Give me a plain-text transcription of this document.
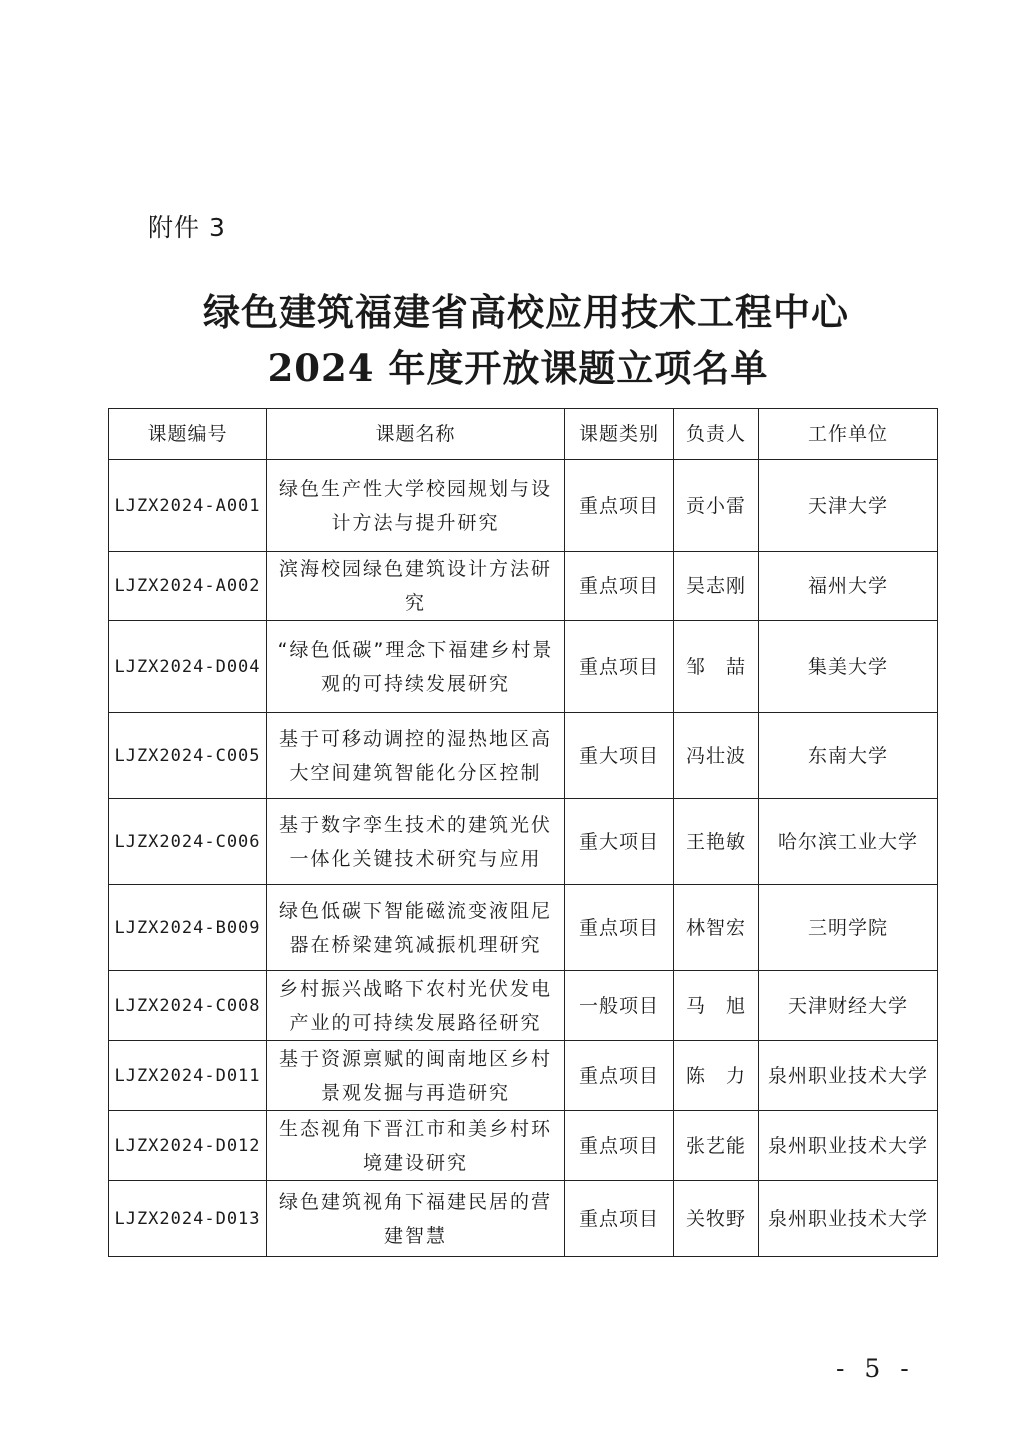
附件 3
绿色建筑福建省高校应用技术工程中心
2024 年度开放课题立项名单
课题编号	课题名称	课题类别	负责人	工作单位
LJZX2024-A001	绿色生产性大学校园规划与设计方法与提升研究	重点项目	贡小雷	天津大学
LJZX2024-A002	滨海校园绿色建筑设计方法研究	重点项目	吴志刚	福州大学
LJZX2024-D004	“绿色低碳”理念下福建乡村景观的可持续发展研究	重点项目	邹　喆	集美大学
LJZX2024-C005	基于可移动调控的湿热地区高大空间建筑智能化分区控制	重大项目	冯壮波	东南大学
LJZX2024-C006	基于数字孪生技术的建筑光伏一体化关键技术研究与应用	重大项目	王艳敏	哈尔滨工业大学
LJZX2024-B009	绿色低碳下智能磁流变液阻尼器在桥梁建筑减振机理研究	重点项目	林智宏	三明学院
LJZX2024-C008	乡村振兴战略下农村光伏发电产业的可持续发展路径研究	一般项目	马　旭	天津财经大学
LJZX2024-D011	基于资源禀赋的闽南地区乡村景观发掘与再造研究	重点项目	陈　力	泉州职业技术大学
LJZX2024-D012	生态视角下晋江市和美乡村环境建设研究	重点项目	张艺能	泉州职业技术大学
LJZX2024-D013	绿色建筑视角下福建民居的营建智慧	重点项目	关牧野	泉州职业技术大学
- 5 -
